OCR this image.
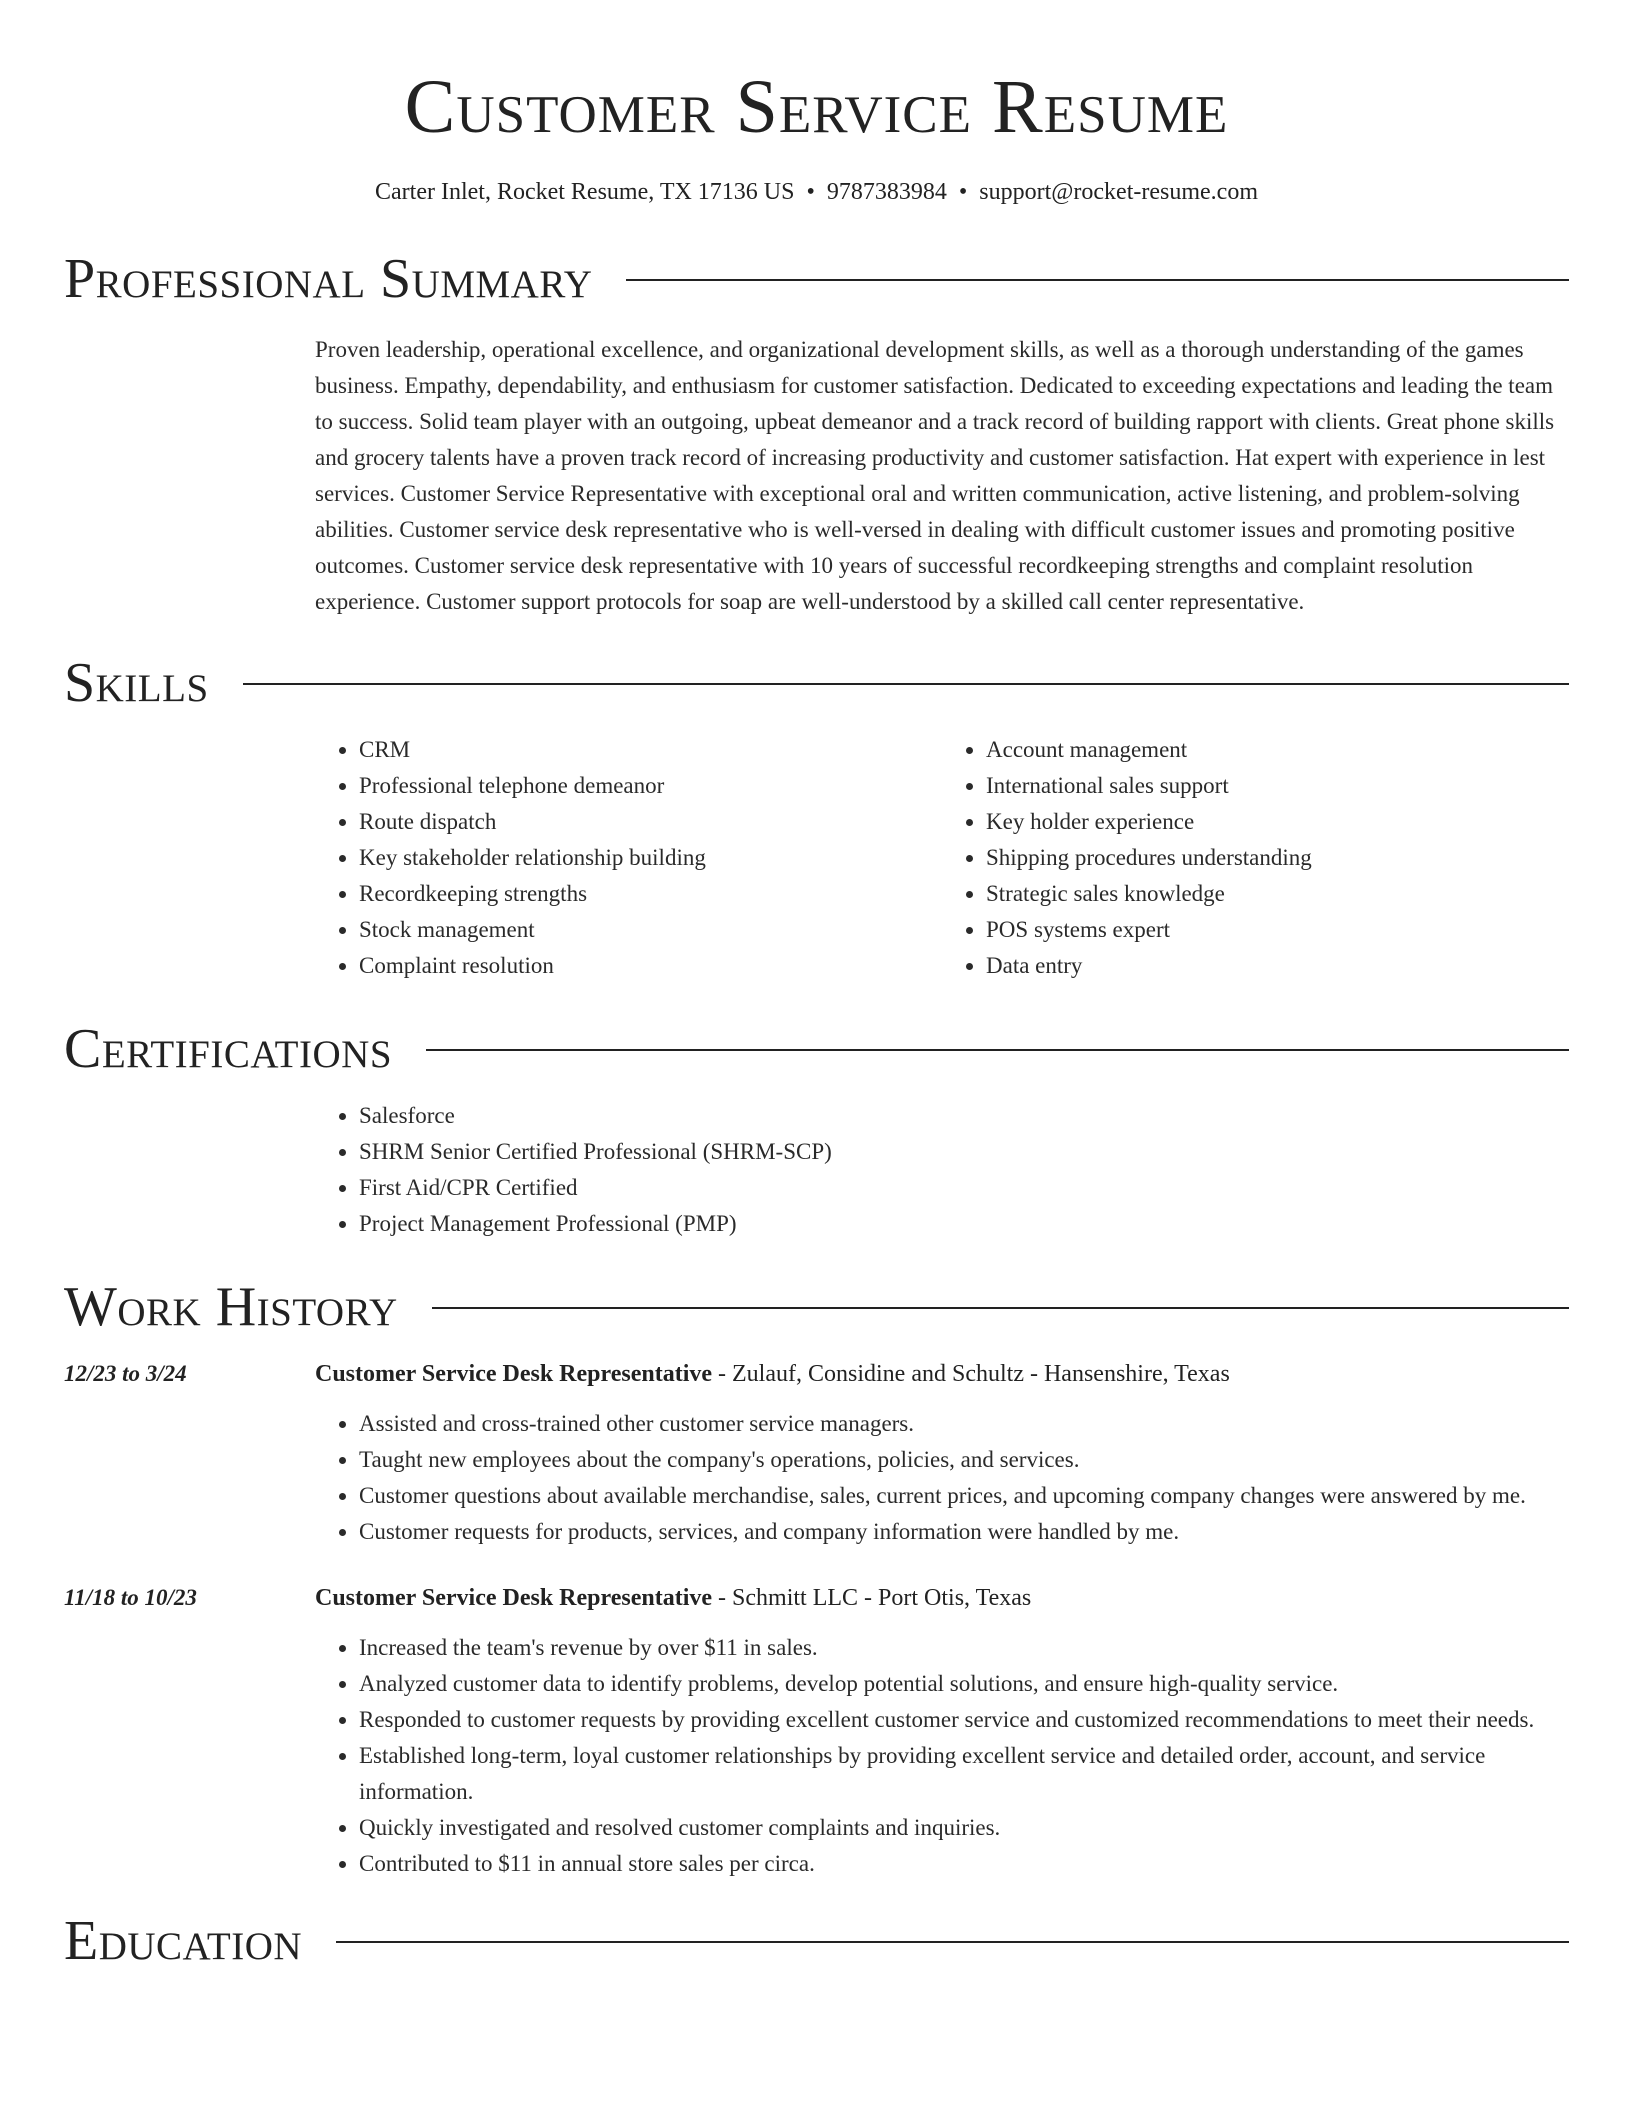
Customer Service Resume
Carter Inlet, Rocket Resume, TX 17136 US • 9787383984 • support@rocket-resume.com
Professional Summary

Proven leadership, operational excellence, and organizational development skills, as well as a thorough understanding of the games business. Empathy, dependability, and enthusiasm for customer satisfaction. Dedicated to exceeding expectations and leading the team to success. Solid team player with an outgoing, upbeat demeanor and a track record of building rapport with clients. Great phone skills and grocery talents have a proven track record of increasing productivity and customer satisfaction. Hat expert with experience in lest services. Customer Service Representative with exceptional oral and written communication, active listening, and problem-solving abilities. Customer service desk representative who is well-versed in dealing with difficult customer issues and promoting positive outcomes. Customer service desk representative with 10 years of successful recordkeeping strengths and complaint resolution experience. Customer support protocols for soap are well-understood by a skilled call center representative.

Skills
• CRM
• Professional telephone demeanor
• Route dispatch
• Key stakeholder relationship building
• Recordkeeping strengths
• Stock management
• Complaint resolution
• Account management
• International sales support
• Key holder experience
• Shipping procedures understanding
• Strategic sales knowledge
• POS systems expert
• Data entry
Certifications
• Salesforce
• SHRM Senior Certified Professional (SHRM-SCP)
• First Aid/CPR Certified
• Project Management Professional (PMP)
Work History
12/23 to 3/24	Customer Service Desk Representative - Zulauf, Considine and Schultz - Hansenshire, Texas
• Assisted and cross-trained other customer service managers.
• Taught new employees about the company's operations, policies, and services.
• Customer questions about available merchandise, sales, current prices, and upcoming company changes were answered by me.
• Customer requests for products, services, and company information were handled by me.
11/18 to 10/23	Customer Service Desk Representative - Schmitt LLC - Port Otis, Texas
• Increased the team's revenue by over $11 in sales.
• Analyzed customer data to identify problems, develop potential solutions, and ensure high-quality service.
• Responded to customer requests by providing excellent customer service and customized recommendations to meet their needs.
• Established long-term, loyal customer relationships by providing excellent service and detailed order, account, and service information.
• Quickly investigated and resolved customer complaints and inquiries.
• Contributed to $11 in annual store sales per circa.
Education
